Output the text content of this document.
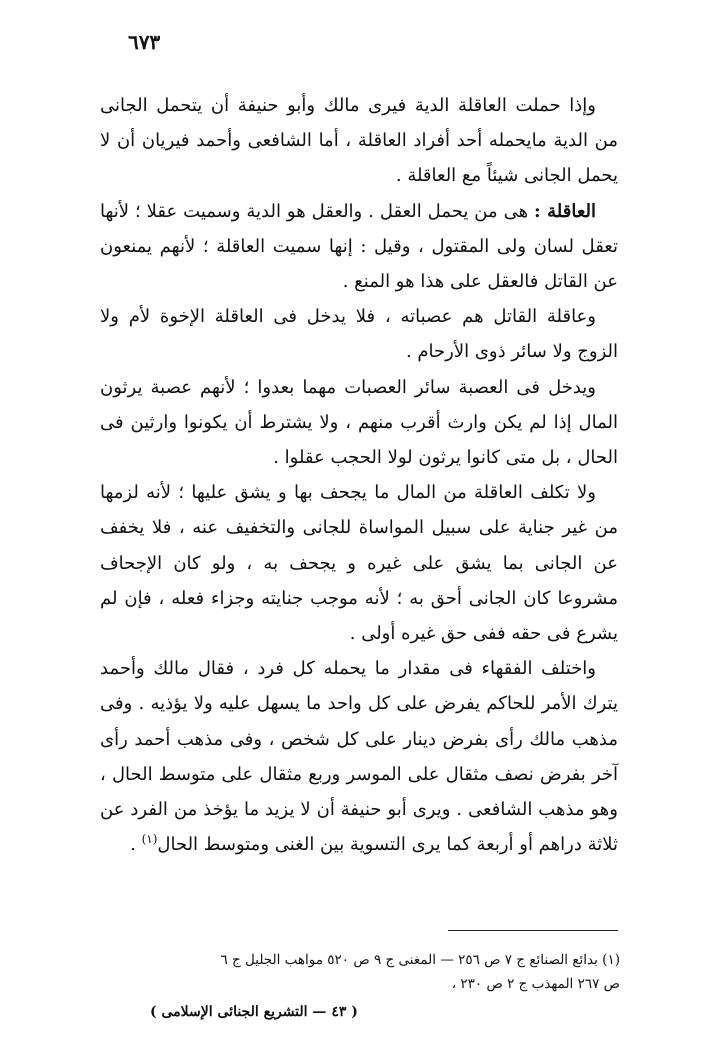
٦٧٣

وإذا حملت العاقلة الدية فيرى مالك وأبو حنيفة أن يتحمل الجانى من الدية مايحمله أحد أفراد العاقلة ، أما الشافعى وأحمد فيريان أن لا يحمل الجانى شيئاً مع العاقلة .

العاقلة : هى من يحمل العقل . والعقل هو الدية وسميت عقلا ؛ لأنها تعقل لسان ولى المقتول ، وقيل : إنها سميت العاقلة ؛ لأنهم يمنعون عن القاتل فالعقل على هذا هو المنع .

وعاقلة القاتل هم عصباته ، فلا يدخل فى العاقلة الإخوة لأم ولا الزوج ولا سائر ذوى الأرحام .

ويدخل فى العصبة سائر العصبات مهما بعدوا ؛ لأنهم عصبة يرثون المال إذا لم يكن وارث أقرب منهم ، ولا يشترط أن يكونوا وارثين فى الحال ، بل متى كانوا يرثون لولا الحجب عقلوا .

ولا تكلف العاقلة من المال ما يجحف بها و يشق عليها ؛ لأنه لزمها من غير جناية على سبيل المواساة للجانى والتخفيف عنه ، فلا يخفف عن الجانى بما يشق على غيره و يجحف به ، ولو كان الإجحاف مشروعا كان الجانى أحق به ؛ لأنه موجب جنايته وجزاء فعله ، فإن لم يشرع فى حقه ففى حق غيره أولى .

واختلف الفقهاء فى مقدار ما يحمله كل فرد ، فقال مالك وأحمد يترك الأمر للحاكم يفرض على كل واحد ما يسهل عليه ولا يؤذيه . وفى مذهب مالك رأى بفرض دينار على كل شخص ، وفى مذهب أحمد رأى آخر بفرض نصف مثقال على الموسر وربع مثقال على متوسط الحال ، وهو مذهب الشافعى . ويرى أبو حنيفة أن لا يزيد ما يؤخذ من الفرد عن ثلاثة دراهم أو أربعة كما يرى التسوية بين الغنى ومتوسط الحال$^{(١)}$ .

(١) بدائع الصنائع ج ٧ ص ٢٥٦ — المغنى ج ٩ ص ٥٢٠ مواهب الجليل ج ٦
ص ٢٦٧ المهذب ج ٢ ص ٢٣٠ ،
( ٤٣ — التشريع الجنائى الإسلامى )
